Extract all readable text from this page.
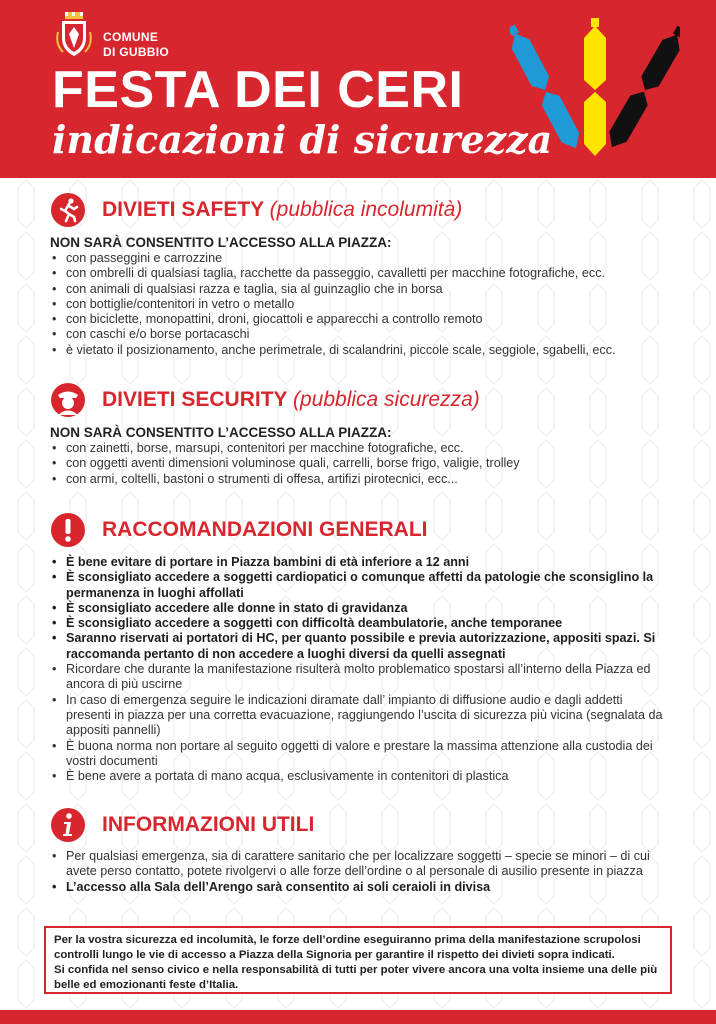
COMUNE
DI GUBBIO
FESTA DEI CERI
indicazioni di sicurezza
DIVIETI SAFETY (pubblica incolumità)
NON SARÀ CONSENTITO L’ACCESSO ALLA PIAZZA:
• con passeggini e carrozzine
• con ombrelli di qualsiasi taglia, racchette da passeggio, cavalletti per macchine fotografiche, ecc.
• con animali di qualsiasi razza e taglia, sia al guinzaglio che in borsa
• con bottiglie/contenitori in vetro o metallo
• con biciclette, monopattini, droni, giocattoli e apparecchi a controllo remoto
• con caschi e/o borse portacaschi
• è vietato il posizionamento, anche perimetrale, di scalandrini, piccole scale, seggiole, sgabelli, ecc.
DIVIETI SECURITY (pubblica sicurezza)
NON SARÀ CONSENTITO L’ACCESSO ALLA PIAZZA:
• con zainetti, borse, marsupi, contenitori per macchine fotografiche, ecc.
• con oggetti aventi dimensioni voluminose quali, carrelli, borse frigo, valigie, trolley
• con armi, coltelli, bastoni o strumenti di offesa, artifizi pirotecnici, ecc...
RACCOMANDAZIONI GENERALI
• È bene evitare di portare in Piazza bambini di età inferiore a 12 anni
• È sconsigliato accedere a soggetti cardiopatici o comunque affetti da patologie che sconsiglino la permanenza in luoghi affollati
• È sconsigliato accedere alle donne in stato di gravidanza
• È sconsigliato accedere a soggetti con difficoltà deambulatorie, anche temporanee
• Saranno riservati ai portatori di HC, per quanto possibile e previa autorizzazione, appositi spazi. Si raccomanda pertanto di non accedere a luoghi diversi da quelli assegnati
• Ricordare che durante la manifestazione risulterà molto problematico spostarsi all’interno della Piazza ed ancora di più uscirne
• In caso di emergenza seguire le indicazioni diramate dall’ impianto di diffusione audio e dagli addetti presenti in piazza per una corretta evacuazione, raggiungendo l’uscita di sicurezza più vicina (segnalata da appositi pannelli)
• È buona norma non portare al seguito oggetti di valore e prestare la massima attenzione alla custodia dei vostri documenti
• È bene avere a portata di mano acqua, esclusivamente in contenitori di plastica
INFORMAZIONI UTILI
• Per qualsiasi emergenza, sia di carattere sanitario che per localizzare soggetti – specie se minori – di cui avete perso contatto, potete rivolgervi o alle forze dell’ordine o al personale di ausilio presente in piazza
• L’accesso alla Sala dell’Arengo sarà consentito ai soli ceraioli in divisa

Per la vostra sicurezza ed incolumità, le forze dell’ordine eseguiranno prima della manifestazione scrupolosi controlli lungo le vie di accesso a Piazza della Signoria per garantire il rispetto dei divieti sopra indicati.

Si confida nel senso civico e nella responsabilità di tutti per poter vivere ancora una volta insieme una delle più belle ed emozionanti feste d’Italia.
